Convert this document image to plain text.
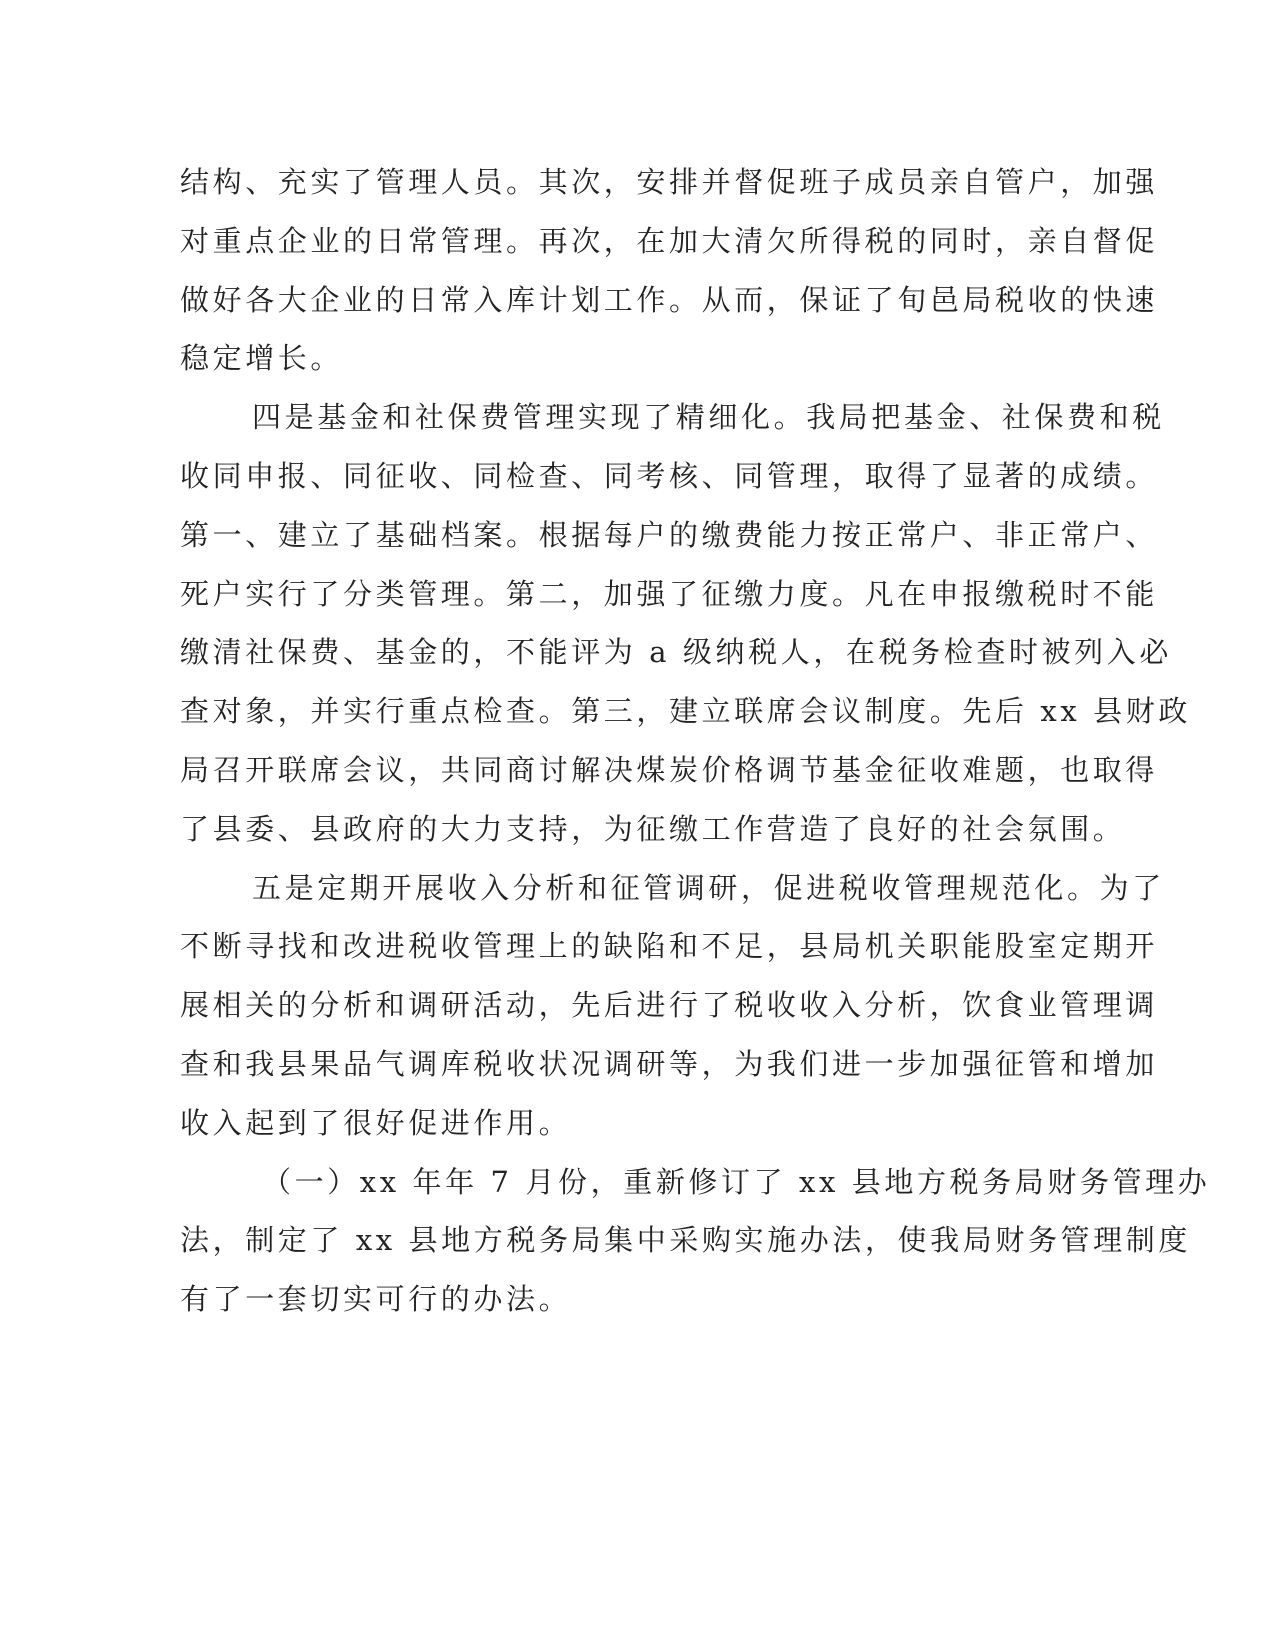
结构、充实了管理人员。其次，安排并督促班子成员亲自管户，加强
对重点企业的日常管理。再次，在加大清欠所得税的同时，亲自督促
做好各大企业的日常入库计划工作。从而，保证了旬邑局税收的快速
稳定增长。
四是基金和社保费管理实现了精细化。我局把基金、社保费和税
收同申报、同征收、同检查、同考核、同管理，取得了显著的成绩。
第一、建立了基础档案。根据每户的缴费能力按正常户、非正常户、
死户实行了分类管理。第二，加强了征缴力度。凡在申报缴税时不能
缴清社保费、基金的，不能评为 a 级纳税人，在税务检查时被列入必
查对象，并实行重点检查。第三，建立联席会议制度。先后 xx 县财政
局召开联席会议，共同商讨解决煤炭价格调节基金征收难题，也取得
了县委、县政府的大力支持，为征缴工作营造了良好的社会氛围。
五是定期开展收入分析和征管调研，促进税收管理规范化。为了
不断寻找和改进税收管理上的缺陷和不足，县局机关职能股室定期开
展相关的分析和调研活动，先后进行了税收收入分析，饮食业管理调
查和我县果品气调库税收状况调研等，为我们进一步加强征管和增加
收入起到了很好促进作用。
（一）xx 年年 7 月份，重新修订了 xx 县地方税务局财务管理办
法，制定了 xx 县地方税务局集中采购实施办法，使我局财务管理制度
有了一套切实可行的办法。
